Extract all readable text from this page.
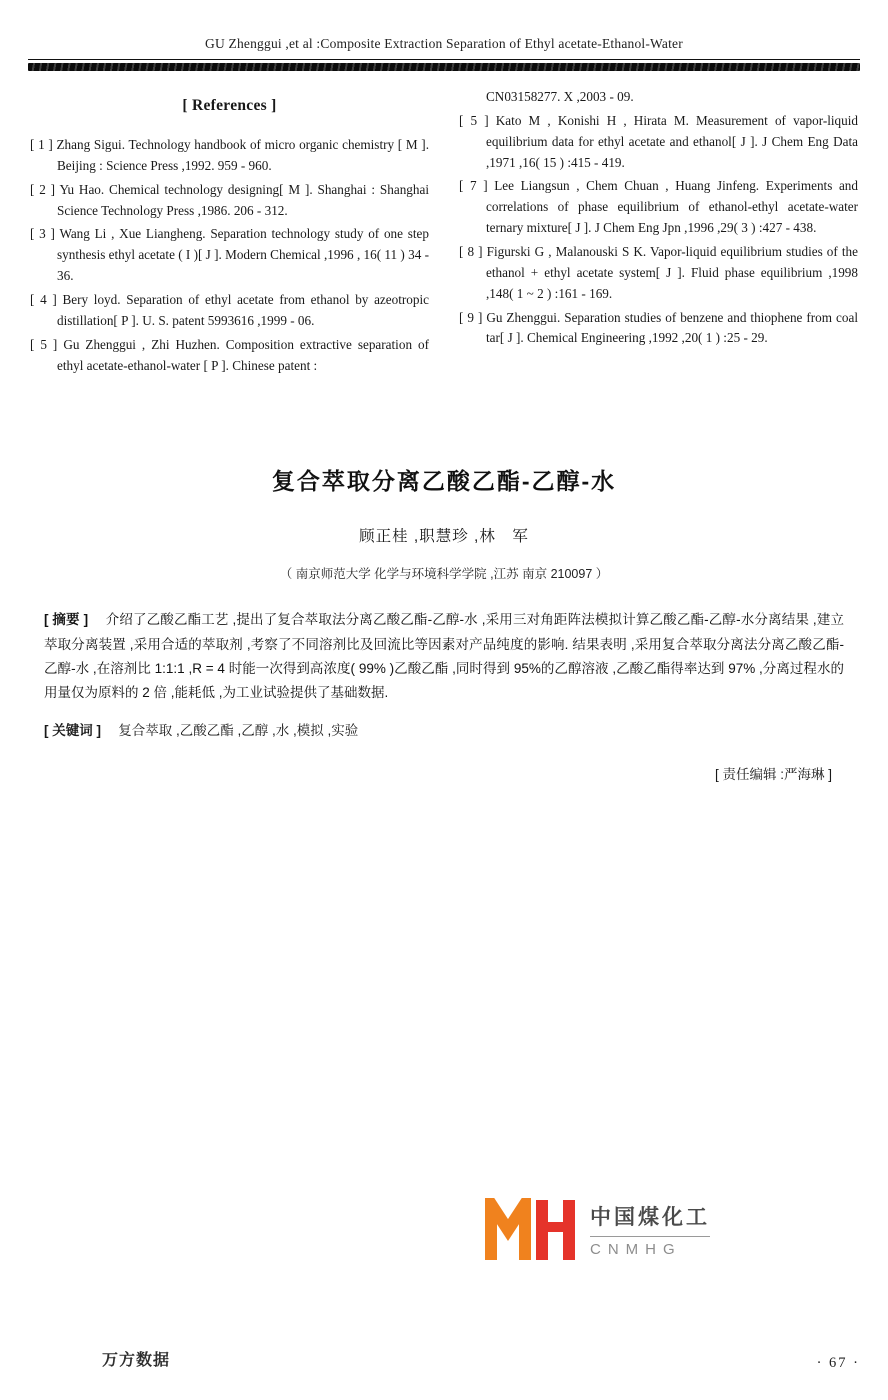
GU Zhenggui ,et al :Composite Extraction Separation of Ethyl acetate-Ethanol-Water
[ References ]

[ 1 ] Zhang Sigui. Technology handbook of micro organic chemistry [ M ]. Beijing : Science Press ,1992. 959 - 960.

[ 2 ] Yu Hao. Chemical technology designing[ M ]. Shanghai : Shanghai Science Technology Press ,1986. 206 - 312.

[ 3 ] Wang Li , Xue Liangheng. Separation technology study of one step synthesis ethyl acetate ( I )[ J ]. Modern Chemical ,1996 , 16( 11 ) 34 - 36.

[ 4 ] Bery loyd. Separation of ethyl acetate from ethanol by azeotropic distillation[ P ]. U. S. patent 5993616 ,1999 - 06.

[ 5 ] Gu Zhenggui , Zhi Huzhen. Composition extractive separation of ethyl acetate-ethanol-water [ P ]. Chinese patent :

CN03158277. X ,2003 - 09.

[ 5 ] Kato M , Konishi H , Hirata M. Measurement of vapor-liquid equilibrium data for ethyl acetate and ethanol[ J ]. J Chem Eng Data ,1971 ,16( 15 ) :415 - 419.

[ 7 ] Lee Liangsun , Chem Chuan , Huang Jinfeng. Experiments and correlations of phase equilibrium of ethanol-ethyl acetate-water ternary mixture[ J ]. J Chem Eng Jpn ,1996 ,29( 3 ) :427 - 438.

[ 8 ] Figurski G , Malanouski S K. Vapor-liquid equilibrium studies of the ethanol + ethyl acetate system[ J ]. Fluid phase equilibrium ,1998 ,148( 1 ~ 2 ) :161 - 169.

[ 9 ] Gu Zhenggui. Separation studies of benzene and thiophene from coal tar[ J ]. Chemical Engineering ,1992 ,20( 1 ) :25 - 29.

复合萃取分离乙酸乙酯-乙醇-水
顾正桂 ,职慧珍 ,林　军
（ 南京师范大学 化学与环境科学学院 ,江苏 南京 210097 ）

[ 摘要 ] 　 介绍了乙酸乙酯工艺 ,提出了复合萃取法分离乙酸乙酯-乙醇-水 ,采用三对角距阵法模拟计算乙酸乙酯-乙醇-水分离结果 ,建立萃取分离装置 ,采用合适的萃取剂 ,考察了不同溶剂比及回流比等因素对产品纯度的影响. 结果表明 ,采用复合萃取分离法分离乙酸乙酯-乙醇-水 ,在溶剂比 1:1:1 ,R = 4 时能一次得到高浓度( 99% )乙酸乙酯 ,同时得到 95%的乙醇溶液 ,乙酸乙酯得率达到 97% ,分离过程水的用量仅为原料的 2 倍 ,能耗低 ,为工业试验提供了基础数据.

[ 关键词 ] 　 复合萃取 ,乙酸乙酯 ,乙醇 ,水 ,模拟 ,实验

[ 责任编辑 :严海琳 ]
中国煤化工
CNMHG
万方数据	· 67 ·
